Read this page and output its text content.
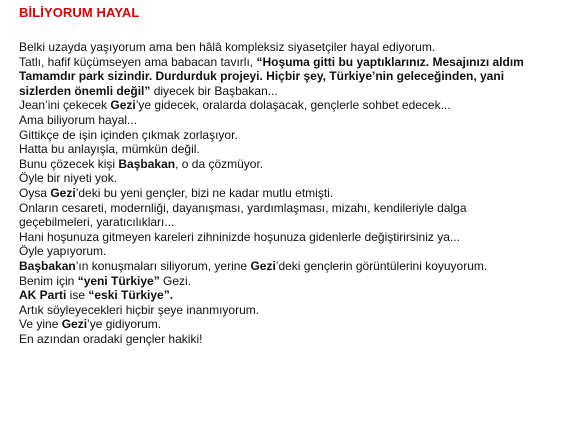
BİLİYORUM HAYAL
Belki uzayda yaşıyorum ama ben hâlâ kompleksiz siyasetçiler hayal ediyorum.
Tatlı, hafif küçümseyen ama babacan tavırlı, “Hoşuma gitti bu yaptıklarınız. Mesajınızı aldım
Tamamdır park sizindir. Durdurduk projeyi. Hiçbir şey, Türkiye’nin geleceğinden, yani
sizlerden önemli değil” diyecek bir Başbakan...
Jean’ini çekecek Gezi’ye gidecek, oralarda dolaşacak, gençlerle sohbet edecek...
Ama biliyorum hayal...
Gittikçe de işin içinden çıkmak zorlaşıyor.
Hatta bu anlayışla, mümkün değil.
Bunu çözecek kişi Başbakan, o da çözmüyor.
Öyle bir niyeti yok.
Oysa Gezi’deki bu yeni gençler, bizi ne kadar mutlu etmişti.
Onların cesareti, modernliği, dayanışması, yardımlaşması, mizahı, kendileriyle dalga
geçebilmeleri, yaratıcılıkları...
Hani hoşunuza gitmeyen kareleri zihninizde hoşunuza gidenlerle değiştirirsiniz ya...
Öyle yapıyorum.
Başbakan’ın konuşmaları siliyorum, yerine Gezi’deki gençlerin görüntülerini koyuyorum.
Benim için “yeni Türkiye” Gezi.
AK Parti ise “eski Türkiye”.
Artık söyleyecekleri hiçbir şeye inanmıyorum.
Ve yine Gezi’ye gidiyorum.
En azından oradaki gençler hakiki!
